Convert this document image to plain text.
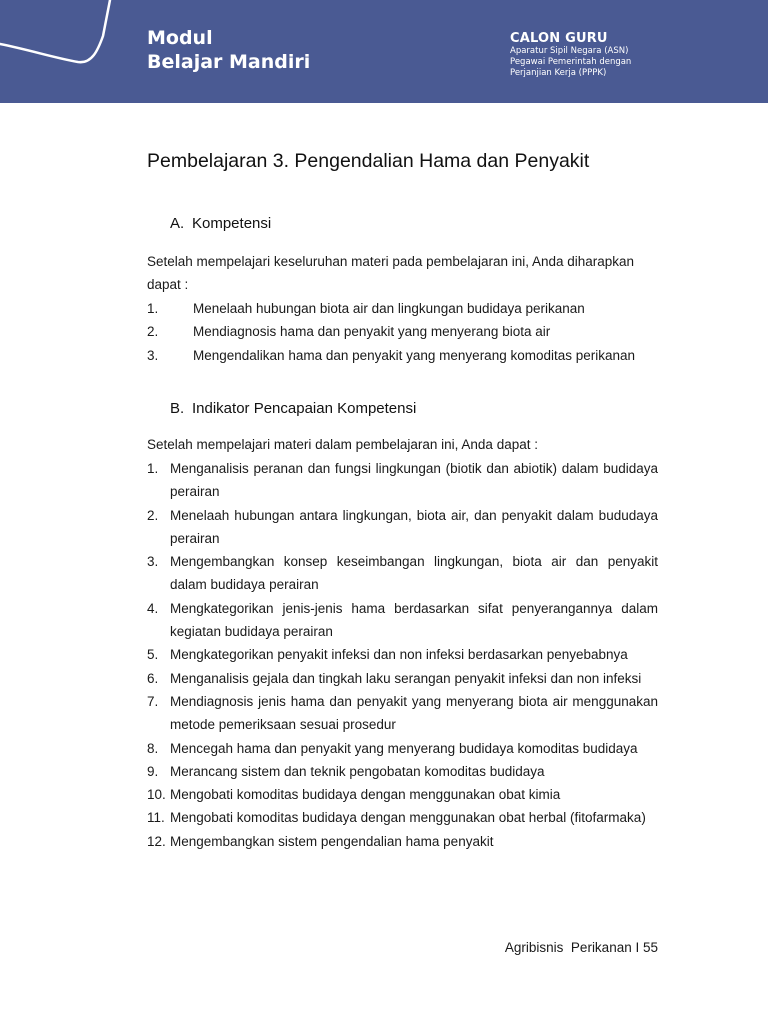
Modul
Belajar Mandiri
CALON GURU
Aparatur Sipil Negara (ASN)
Pegawai Pemerintah dengan
Perjanjian Kerja (PPPK)
Pembelajaran 3. Pengendalian Hama dan Penyakit
A. Kompetensi
Setelah mempelajari keseluruhan materi pada pembelajaran ini, Anda diharapkan dapat :
1.	Menelaah hubungan biota air dan lingkungan budidaya perikanan
2.	Mendiagnosis hama dan penyakit yang menyerang biota air
3.	Mengendalikan hama dan penyakit yang menyerang komoditas perikanan
B. Indikator Pencapaian Kompetensi
Setelah mempelajari materi dalam pembelajaran ini, Anda dapat :
1. Menganalisis peranan dan fungsi lingkungan (biotik dan abiotik) dalam budidaya perairan
2. Menelaah hubungan antara lingkungan, biota air, dan penyakit dalam bududaya perairan
3. Mengembangkan konsep keseimbangan lingkungan, biota air dan penyakit dalam budidaya perairan
4. Mengkategorikan jenis-jenis hama berdasarkan sifat penyerangannya dalam kegiatan budidaya perairan
5. Mengkategorikan penyakit infeksi dan non infeksi berdasarkan penyebabnya
6. Menganalisis gejala dan tingkah laku serangan penyakit infeksi dan non infeksi
7. Mendiagnosis jenis hama dan penyakit yang menyerang biota air menggunakan metode pemeriksaan sesuai prosedur
8. Mencegah hama dan penyakit yang menyerang budidaya komoditas budidaya
9. Merancang sistem dan teknik pengobatan komoditas budidaya
10. Mengobati komoditas budidaya dengan menggunakan obat kimia
11. Mengobati komoditas budidaya dengan menggunakan obat herbal (fitofarmaka)
12. Mengembangkan sistem pengendalian hama penyakit
Agribisnis  Perikanan I 55
